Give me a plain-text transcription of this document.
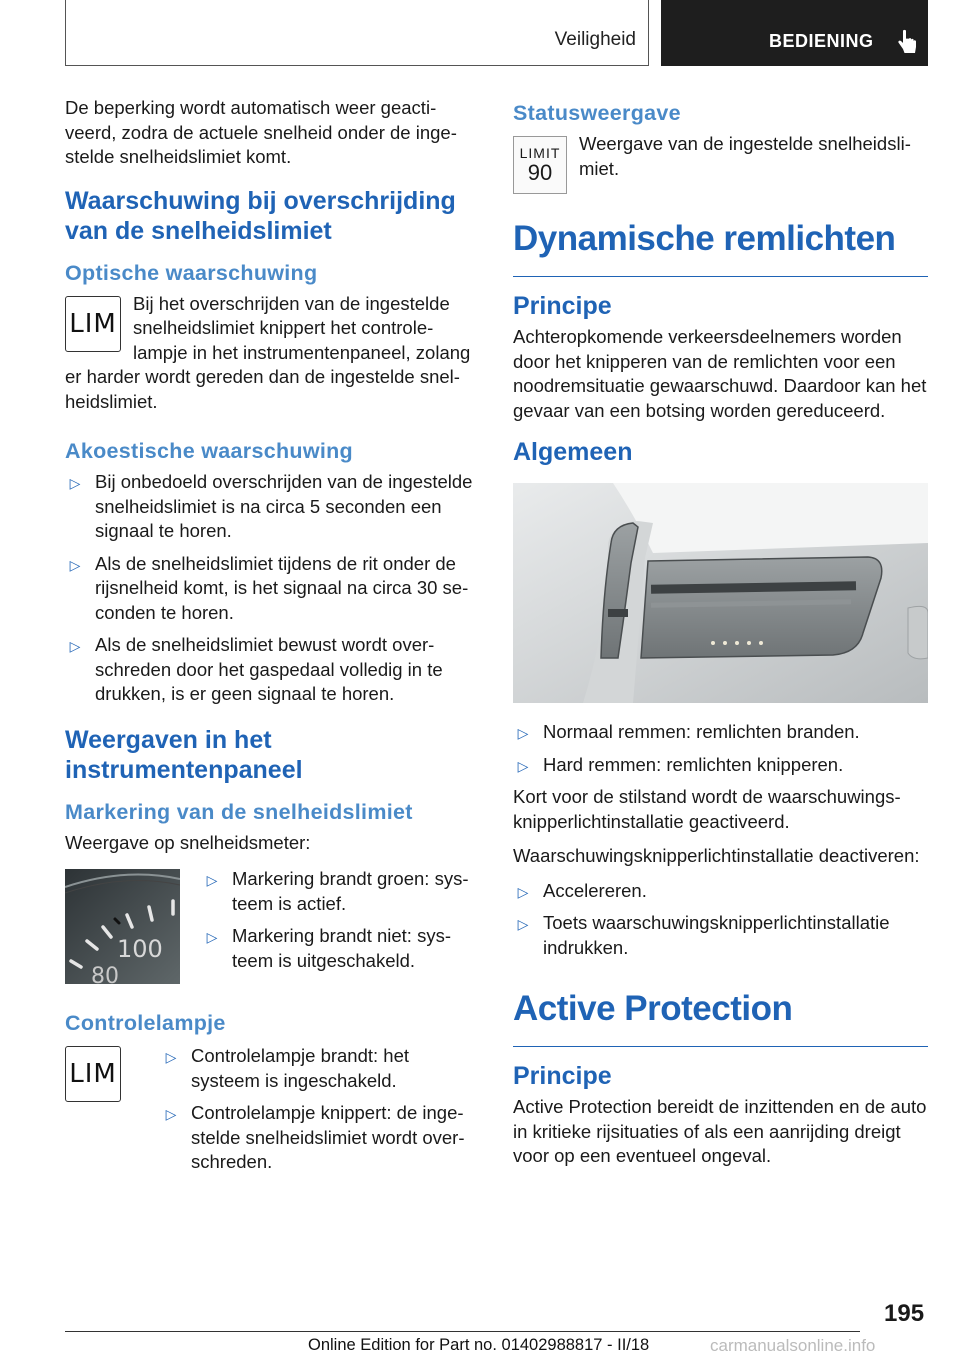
Veiligheid	BEDIENING

De beperking wordt automatisch weer geactiveerd, zodra de actuele snelheid onder de ingestelde snelheidslimiet komt.

Waarschuwing bij overschrijding van de snelheidslimiet
Optische waarschuwing
LIM

Bij het overschrijden van de ingestelde snelheidslimiet knippert het controlelampje in het instrumentenpaneel, zolang er harder wordt gereden dan de ingestelde snelheidslimiet.

Akoestische waarschuwing
▷ Bij onbedoeld overschrijden van de ingestelde snelheidslimiet is na circa 5 seconden een signaal te horen.
▷ Als de snelheidslimiet tijdens de rit onder de rijsnelheid komt, is het signaal na circa 30 seconden te horen.
▷ Als de snelheidslimiet bewust wordt overschreden door het gaspedaal volledig in te drukken, is er geen signaal te horen.
Weergaven in het instrumentenpaneel
Markering van de snelheidslimiet

Weergave op snelheidsmeter:

100
80
▷ Markering brandt groen: systeem is actief.
▷ Markering brandt niet: systeem is uitgeschakeld.
Controlelampje
LIM
▷ Controlelampje brandt: het systeem is ingeschakeld.
▷ Controlelampje knippert: de ingestelde snelheidslimiet wordt overschreden.
Statusweergave
LIMIT
90

Weergave van de ingestelde snelheidslimiet.

Dynamische remlichten
Principe

Achteropkomende verkeersdeelnemers worden door het knipperen van de remlichten voor een noodremsituatie gewaarschuwd. Daardoor kan het gevaar van een botsing worden gereduceerd.

Algemeen
▷ Normaal remmen: remlichten branden.
▷ Hard remmen: remlichten knipperen.

Kort voor de stilstand wordt de waarschuwingsknipperlichtinstallatie geactiveerd.

Waarschuwingsknipperlichtinstallatie deactiveren:

▷ Accelereren.
▷ Toets waarschuwingsknipperlichtinstallatie indrukken.
Active Protection
Principe

Active Protection bereidt de inzittenden en de auto in kritieke rijsituaties of als een aanrijding dreigt voor op een eventueel ongeval.

195
Online Edition for Part no. 01402988817 - II/18	carmanualsonline.info
